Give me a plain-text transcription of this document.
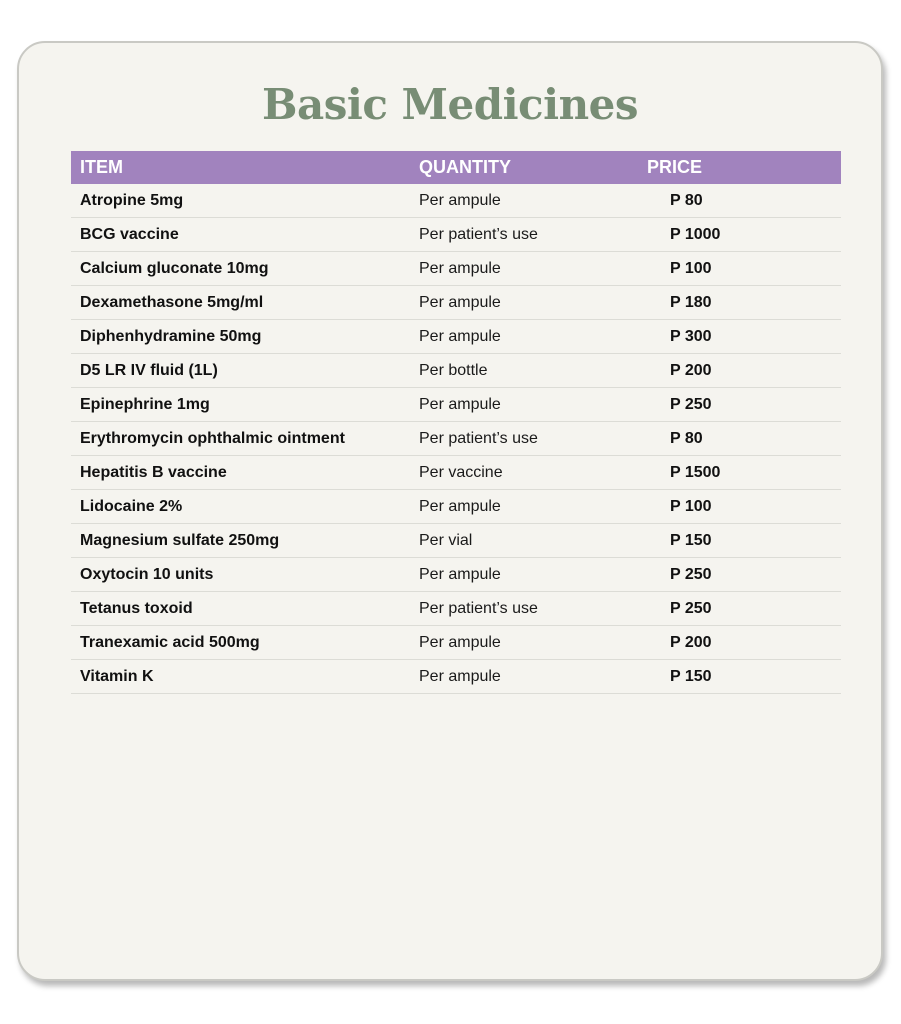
Basic Medicines
ITEM	QUANTITY	PRICE
Atropine 5mg	Per ampule	P 80
BCG vaccine	Per patient’s use	P 1000
Calcium gluconate 10mg	Per ampule	P 100
Dexamethasone 5mg/ml	Per ampule	P 180
Diphenhydramine 50mg	Per ampule	P 300
D5 LR IV fluid (1L)	Per bottle	P 200
Epinephrine 1mg	Per ampule	P 250
Erythromycin ophthalmic ointment	Per patient’s use	P 80
Hepatitis B vaccine	Per vaccine	P 1500
Lidocaine 2%	Per ampule	P 100
Magnesium sulfate 250mg	Per vial	P 150
Oxytocin 10 units	Per ampule	P 250
Tetanus toxoid	Per patient’s use	P 250
Tranexamic acid 500mg	Per ampule	P 200
Vitamin K	Per ampule	P 150
